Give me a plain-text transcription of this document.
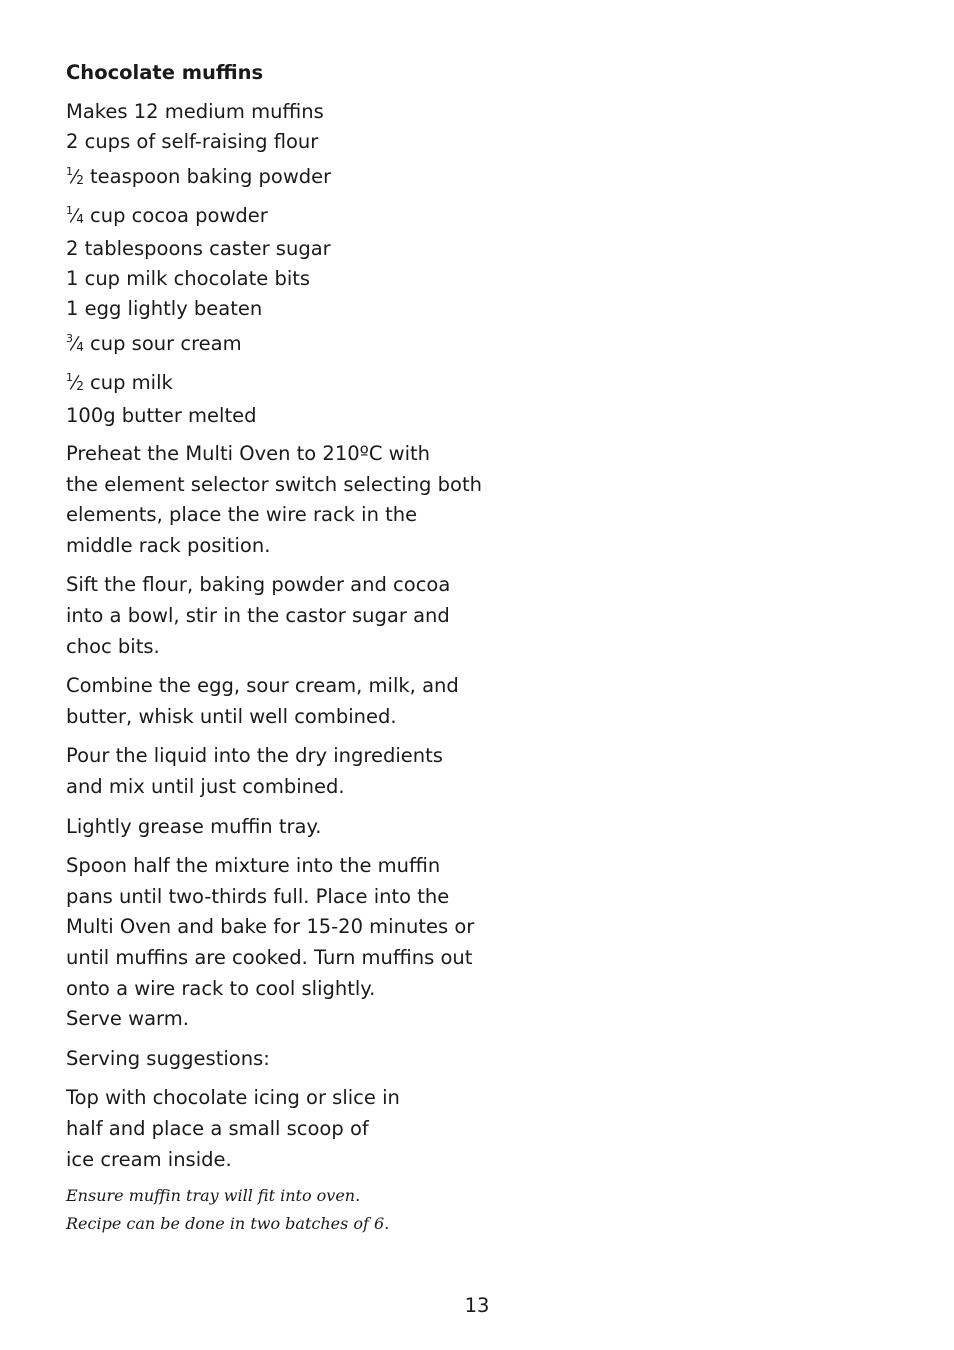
Chocolate muffins
Makes 12 medium muffins
2 cups of self-raising flour
$^1⁄_2$ teaspoon baking powder
$^1⁄_4$ cup cocoa powder
2 tablespoons caster sugar
1 cup milk chocolate bits
1 egg lightly beaten
$^3⁄_4$ cup sour cream
$^1⁄_2$ cup milk
100g butter melted
Preheat the Multi Oven to 210ºC with
the element selector switch selecting both
elements, place the wire rack in the
middle rack position.
Sift the flour, baking powder and cocoa
into a bowl, stir in the castor sugar and
choc bits.
Combine the egg, sour cream, milk, and
butter, whisk until well combined.
Pour the liquid into the dry ingredients
and mix until just combined.
Lightly grease muffin tray.
Spoon half the mixture into the muffin
pans until two-thirds full. Place into the
Multi Oven and bake for 15-20 minutes or
until muffins are cooked. Turn muffins out
onto a wire rack to cool slightly.
Serve warm.
Serving suggestions:
Top with chocolate icing or slice in
half and place a small scoop of
ice cream inside.
Ensure muffin tray will fit into oven.
Recipe can be done in two batches of 6.
13
